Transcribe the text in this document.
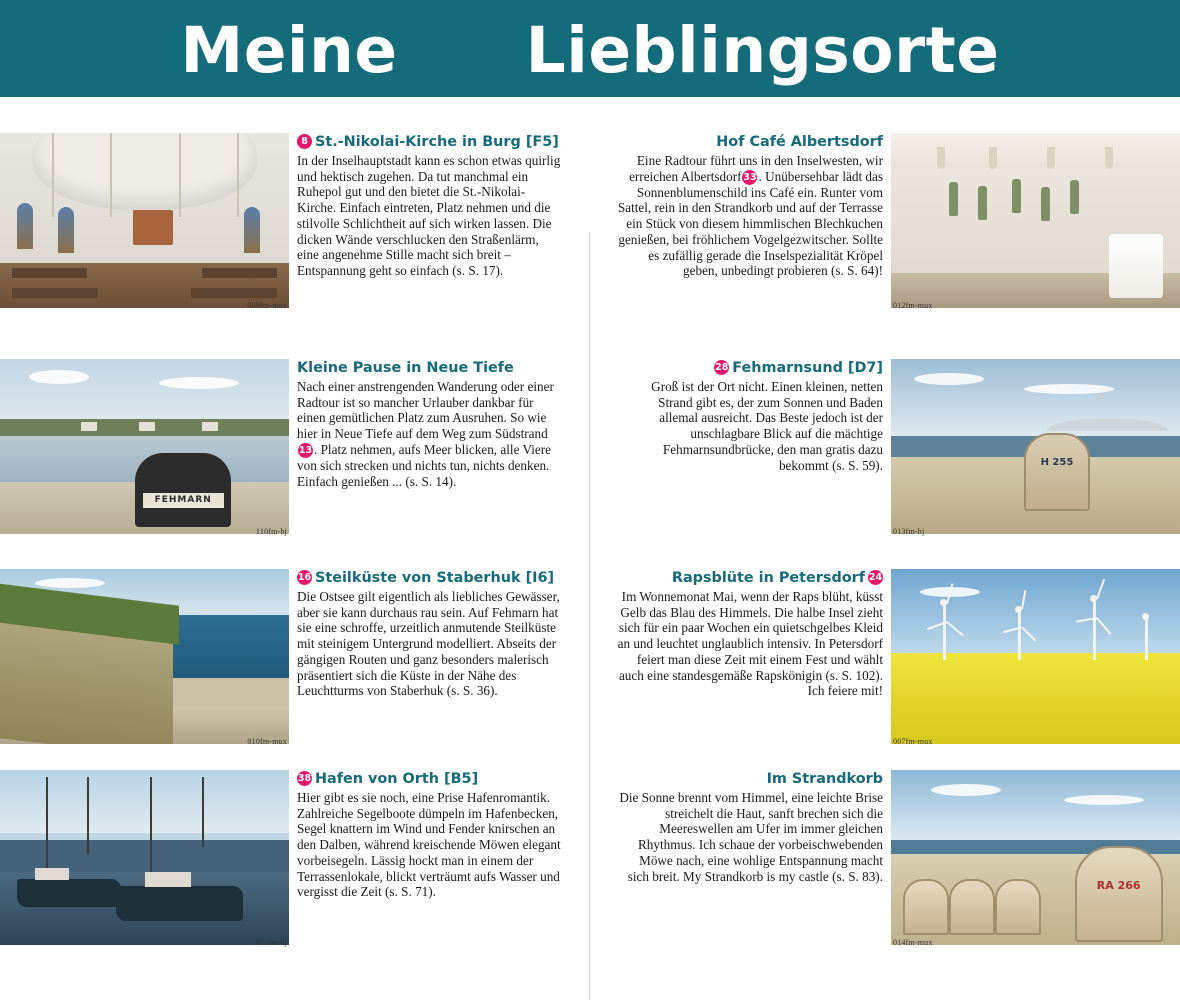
Meine Lieblingsorte
008fm-mux
8 St.-Nikolai-Kirche in Burg [F5]

In der Inselhauptstadt kann es schon etwas quirlig und hektisch zugehen. Da tut manchmal ein Ruhepol gut und den bietet die St.-Nikolai-Kirche. Einfach eintreten, Platz nehmen und die stilvolle Schlichtheit auf sich wirken lassen. Die dicken Wände verschlucken den Straßenlärm, eine angenehme Stille macht sich breit – Entspannung geht so einfach (s. S. 17).

FEHMARN
110fm-hj
Kleine Pause in Neue Tiefe

Nach einer anstrengenden Wanderung oder einer Radtour ist so mancher Urlauber dankbar für einen gemütlichen Platz zum Ausruhen. So wie hier in Neue Tiefe auf dem Weg zum Südstrand13 . Platz nehmen, aufs Meer blicken, alle Viere von sich strecken und nichts tun, nichts denken. Einfach genießen ... (s. S. 14).

010fm-mux
16 Steilküste von Staberhuk [I6]

Die Ostsee gilt eigentlich als liebliches Gewässer, aber sie kann durchaus rau sein. Auf Fehmarn hat sie eine schroffe, urzeitlich anmutende Steilküste mit steinigem Untergrund modelliert. Abseits der gängigen Routen und ganz besonders malerisch präsentiert sich die Küste in der Nähe des Leuchtturms von Staberhuk (s. S. 36).

011fm-hj
38 Hafen von Orth [B5]

Hier gibt es sie noch, eine Prise Hafenromantik. Zahlreiche Segelboote dümpeln im Hafenbecken, Segel knattern im Wind und Fender knirschen an den Dalben, während kreischende Möwen elegant vorbeisegeln. Lässig hockt man in einem der Terrassenlokale, blickt verträumt aufs Wasser und vergisst die Zeit (s. S. 71).

012fm-mux
Hof Café Albertsdorf

Eine Radtour führt uns in den Inselwesten, wir erreichen Albertsdorf 33 . Unübersehbar lädt das Sonnenblumenschild ins Café ein. Runter vom Sattel, rein in den Strandkorb und auf der Terrasse ein Stück von diesem himmlischen Blechkuchen genießen, bei fröhlichem Vogelgezwitscher. Sollte es zufällig gerade die Inselspezialität Kröpel geben, unbedingt probieren (s. S. 64)!

H 255
013fm-hj
28 Fehmarnsund [D7]

Groß ist der Ort nicht. Einen kleinen, netten Strand gibt es, der zum Sonnen und Baden allemal ausreicht. Das Beste jedoch ist der unschlagbare Blick auf die mächtige Fehmarnsundbrücke, den man gratis dazu bekommt (s. S. 59).

007fm-mux
Rapsblüte in Petersdorf 24

Im Wonnemonat Mai, wenn der Raps blüht, küsst Gelb das Blau des Himmels. Die halbe Insel zieht sich für ein paar Wochen ein quietschgelbes Kleid an und leuchtet unglaublich intensiv. In Petersdorf feiert man diese Zeit mit einem Fest und wählt auch eine standesgemäße Rapskönigin (s. S. 102). Ich feiere mit!

RA 266
014fm-mux
Im Strandkorb

Die Sonne brennt vom Himmel, eine leichte Brise streichelt die Haut, sanft brechen sich die Meereswellen am Ufer im immer gleichen Rhythmus. Ich schaue der vorbeischwebenden Möwe nach, eine wohlige Entspannung macht sich breit. My Strandkorb is my castle (s. S. 83).
